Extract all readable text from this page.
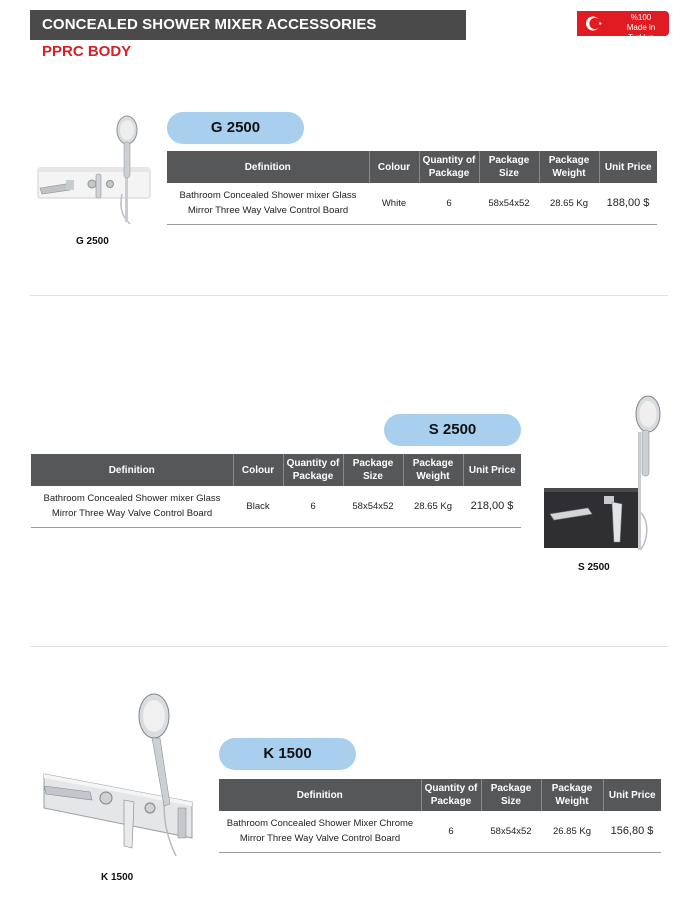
CONCEALED SHOWER MIXER ACCESSORIES
PPRC BODY
%100
Made in Turkiye
G 2500
G 2500
Definition	Colour	Quantity of Package	Package Size	Package Weight	Unit Price

Bathroom Concealed Shower mixer Glass
Mirror Three Way Valve Control Board	White	6	58x54x52	28.65 Kg	188,00 $
S 2500
Definition	Colour	Quantity of Package	Package Size	Package Weight	Unit Price

Bathroom Concealed Shower mixer Glass
Mirror Three Way Valve Control Board	Black	6	58x54x52	28.65 Kg	218,00 $
S 2500
K 1500
K 1500
Definition	Quantity of Package	Package Size	Package Weight	Unit Price

Bathroom Concealed Shower Mixer Chrome
Mirror Three Way Valve Control Board	6	58x54x52	26.85 Kg	156,80 $
